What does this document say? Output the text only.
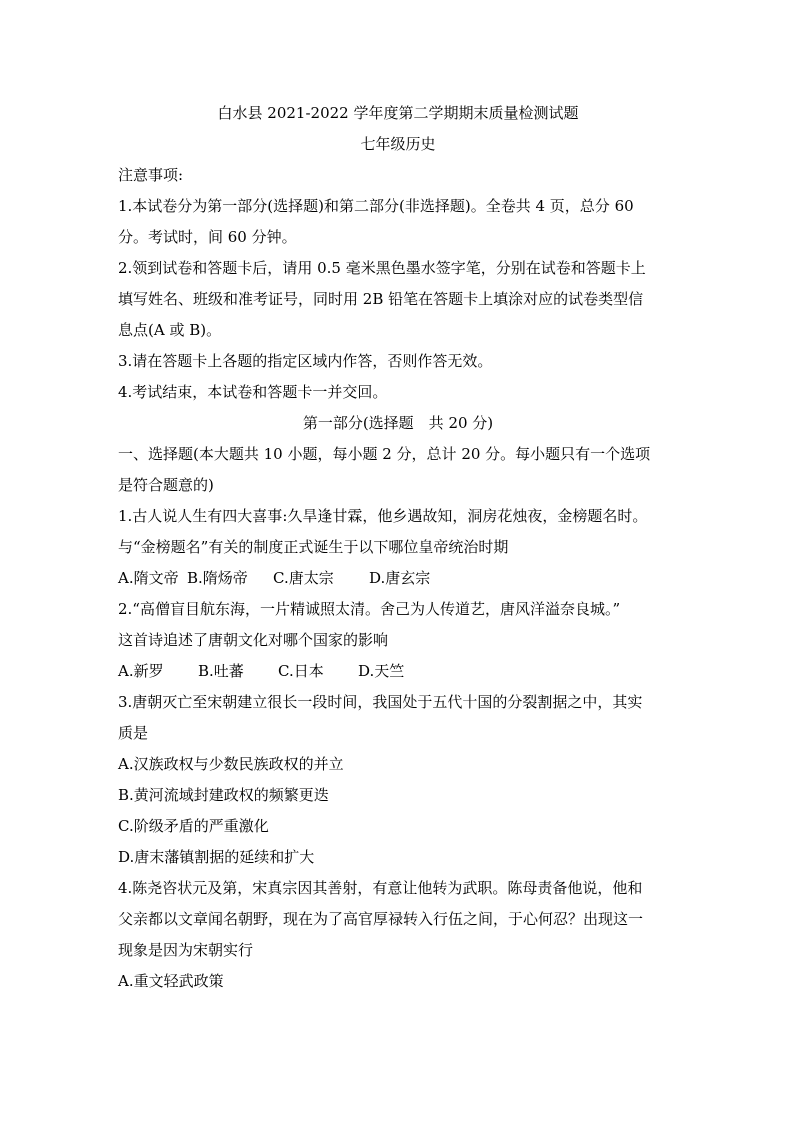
白水县 2021-2022 学年度第二学期期末质量检测试题
七年级历史
注意事项:
1.本试卷分为第一部分(选择题)和第二部分(非选择题)。全卷共 4 页，总分 60
分。考试时，间 60 分钟。
2.领到试卷和答题卡后，请用 0.5 毫米黑色墨水签字笔，分别在试卷和答题卡上
填写姓名、班级和准考证号，同时用 2B 铅笔在答题卡上填涂对应的试卷类型信
息点(A 或 B)。
3.请在答题卡上各题的指定区域内作答，否则作答无效。
4.考试结束，本试卷和答题卡一并交回。
第一部分(选择题　共 20 分)
一、选择题(本大题共 10 小题，每小题 2 分，总计 20 分。每小题只有一个选项
是符合题意的)
1.古人说人生有四大喜事:久旱逢甘霖，他乡遇故知，洞房花烛夜，金榜题名时。
与“金榜题名”有关的制度正式诞生于以下哪位皇帝统治时期
A.隋文帝 B.隋炀帝	C.唐太宗	D.唐玄宗
2.“高僧盲目航东海，一片精诚照太清。舍己为人传道艺，唐风洋溢奈良城。”
这首诗追述了唐朝文化对哪个国家的影响
A.新罗	B.吐蕃	C.日本	D.天竺
3.唐朝灭亡至宋朝建立很长一段时间，我国处于五代十国的分裂割据之中，其实
质是
A.汉族政权与少数民族政权的并立
B.黄河流域封建政权的频繁更迭
C.阶级矛盾的严重激化
D.唐末藩镇割据的延续和扩大
4.陈尧咨状元及第，宋真宗因其善射，有意让他转为武职。陈母责备他说，他和
父亲都以文章闻名朝野，现在为了高官厚禄转入行伍之间，于心何忍？出现这一
现象是因为宋朝实行
A.重文轻武政策
